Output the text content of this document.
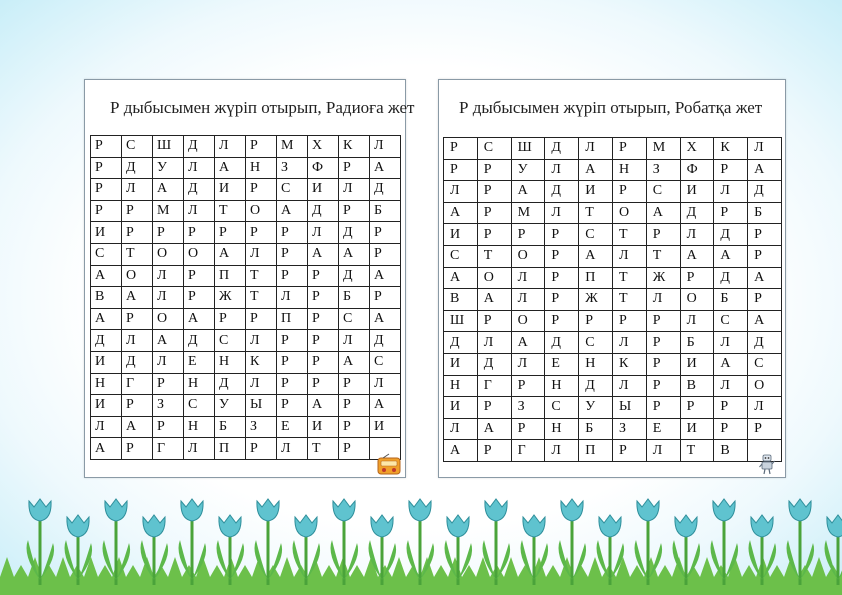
Р дыбысымен жүріп отырып, Радиоға жет
Р	С	Ш	Д	Л	Р	М	Х	К	Л
Р	Д	У	Л	А	Н	З	Ф	Р	А
Р	Л	А	Д	И	Р	С	И	Л	Д
Р	Р	М	Л	Т	О	А	Д	Р	Б
И	Р	Р	Р	Р	Р	Р	Л	Д	Р
С	Т	О	О	А	Л	Р	А	А	Р
А	О	Л	Р	П	Т	Р	Р	Д	А
В	А	Л	Р	Ж	Т	Л	Р	Б	Р
А	Р	О	А	Р	Р	П	Р	С	А
Д	Л	А	Д	С	Л	Р	Р	Л	Д
И	Д	Л	Е	Н	К	Р	Р	А	С
Н	Г	Р	Н	Д	Л	Р	Р	Р	Л
И	Р	З	С	У	Ы	Р	А	Р	А
Л	А	Р	Н	Б	З	Е	И	Р	И
А	Р	Г	Л	П	Р	Л	Т	Р	
Р дыбысымен жүріп отырып, Робатқа жет
Р	С	Ш	Д	Л	Р	М	Х	К	Л
Р	Р	У	Л	А	Н	З	Ф	Р	А
Л	Р	А	Д	И	Р	С	И	Л	Д
А	Р	М	Л	Т	О	А	Д	Р	Б
И	Р	Р	Р	С	Т	Р	Л	Д	Р
С	Т	О	Р	А	Л	Т	А	А	Р
А	О	Л	Р	П	Т	Ж	Р	Д	А
В	А	Л	Р	Ж	Т	Л	О	Б	Р
Ш	Р	О	Р	Р	Р	Р	Л	С	А
Д	Л	А	Д	С	Л	Р	Б	Л	Д
И	Д	Л	Е	Н	К	Р	И	А	С
Н	Г	Р	Н	Д	Л	Р	В	Л	О
И	Р	З	С	У	Ы	Р	Р	Р	Л
Л	А	Р	Н	Б	З	Е	И	Р	Р
А	Р	Г	Л	П	Р	Л	Т	В	
